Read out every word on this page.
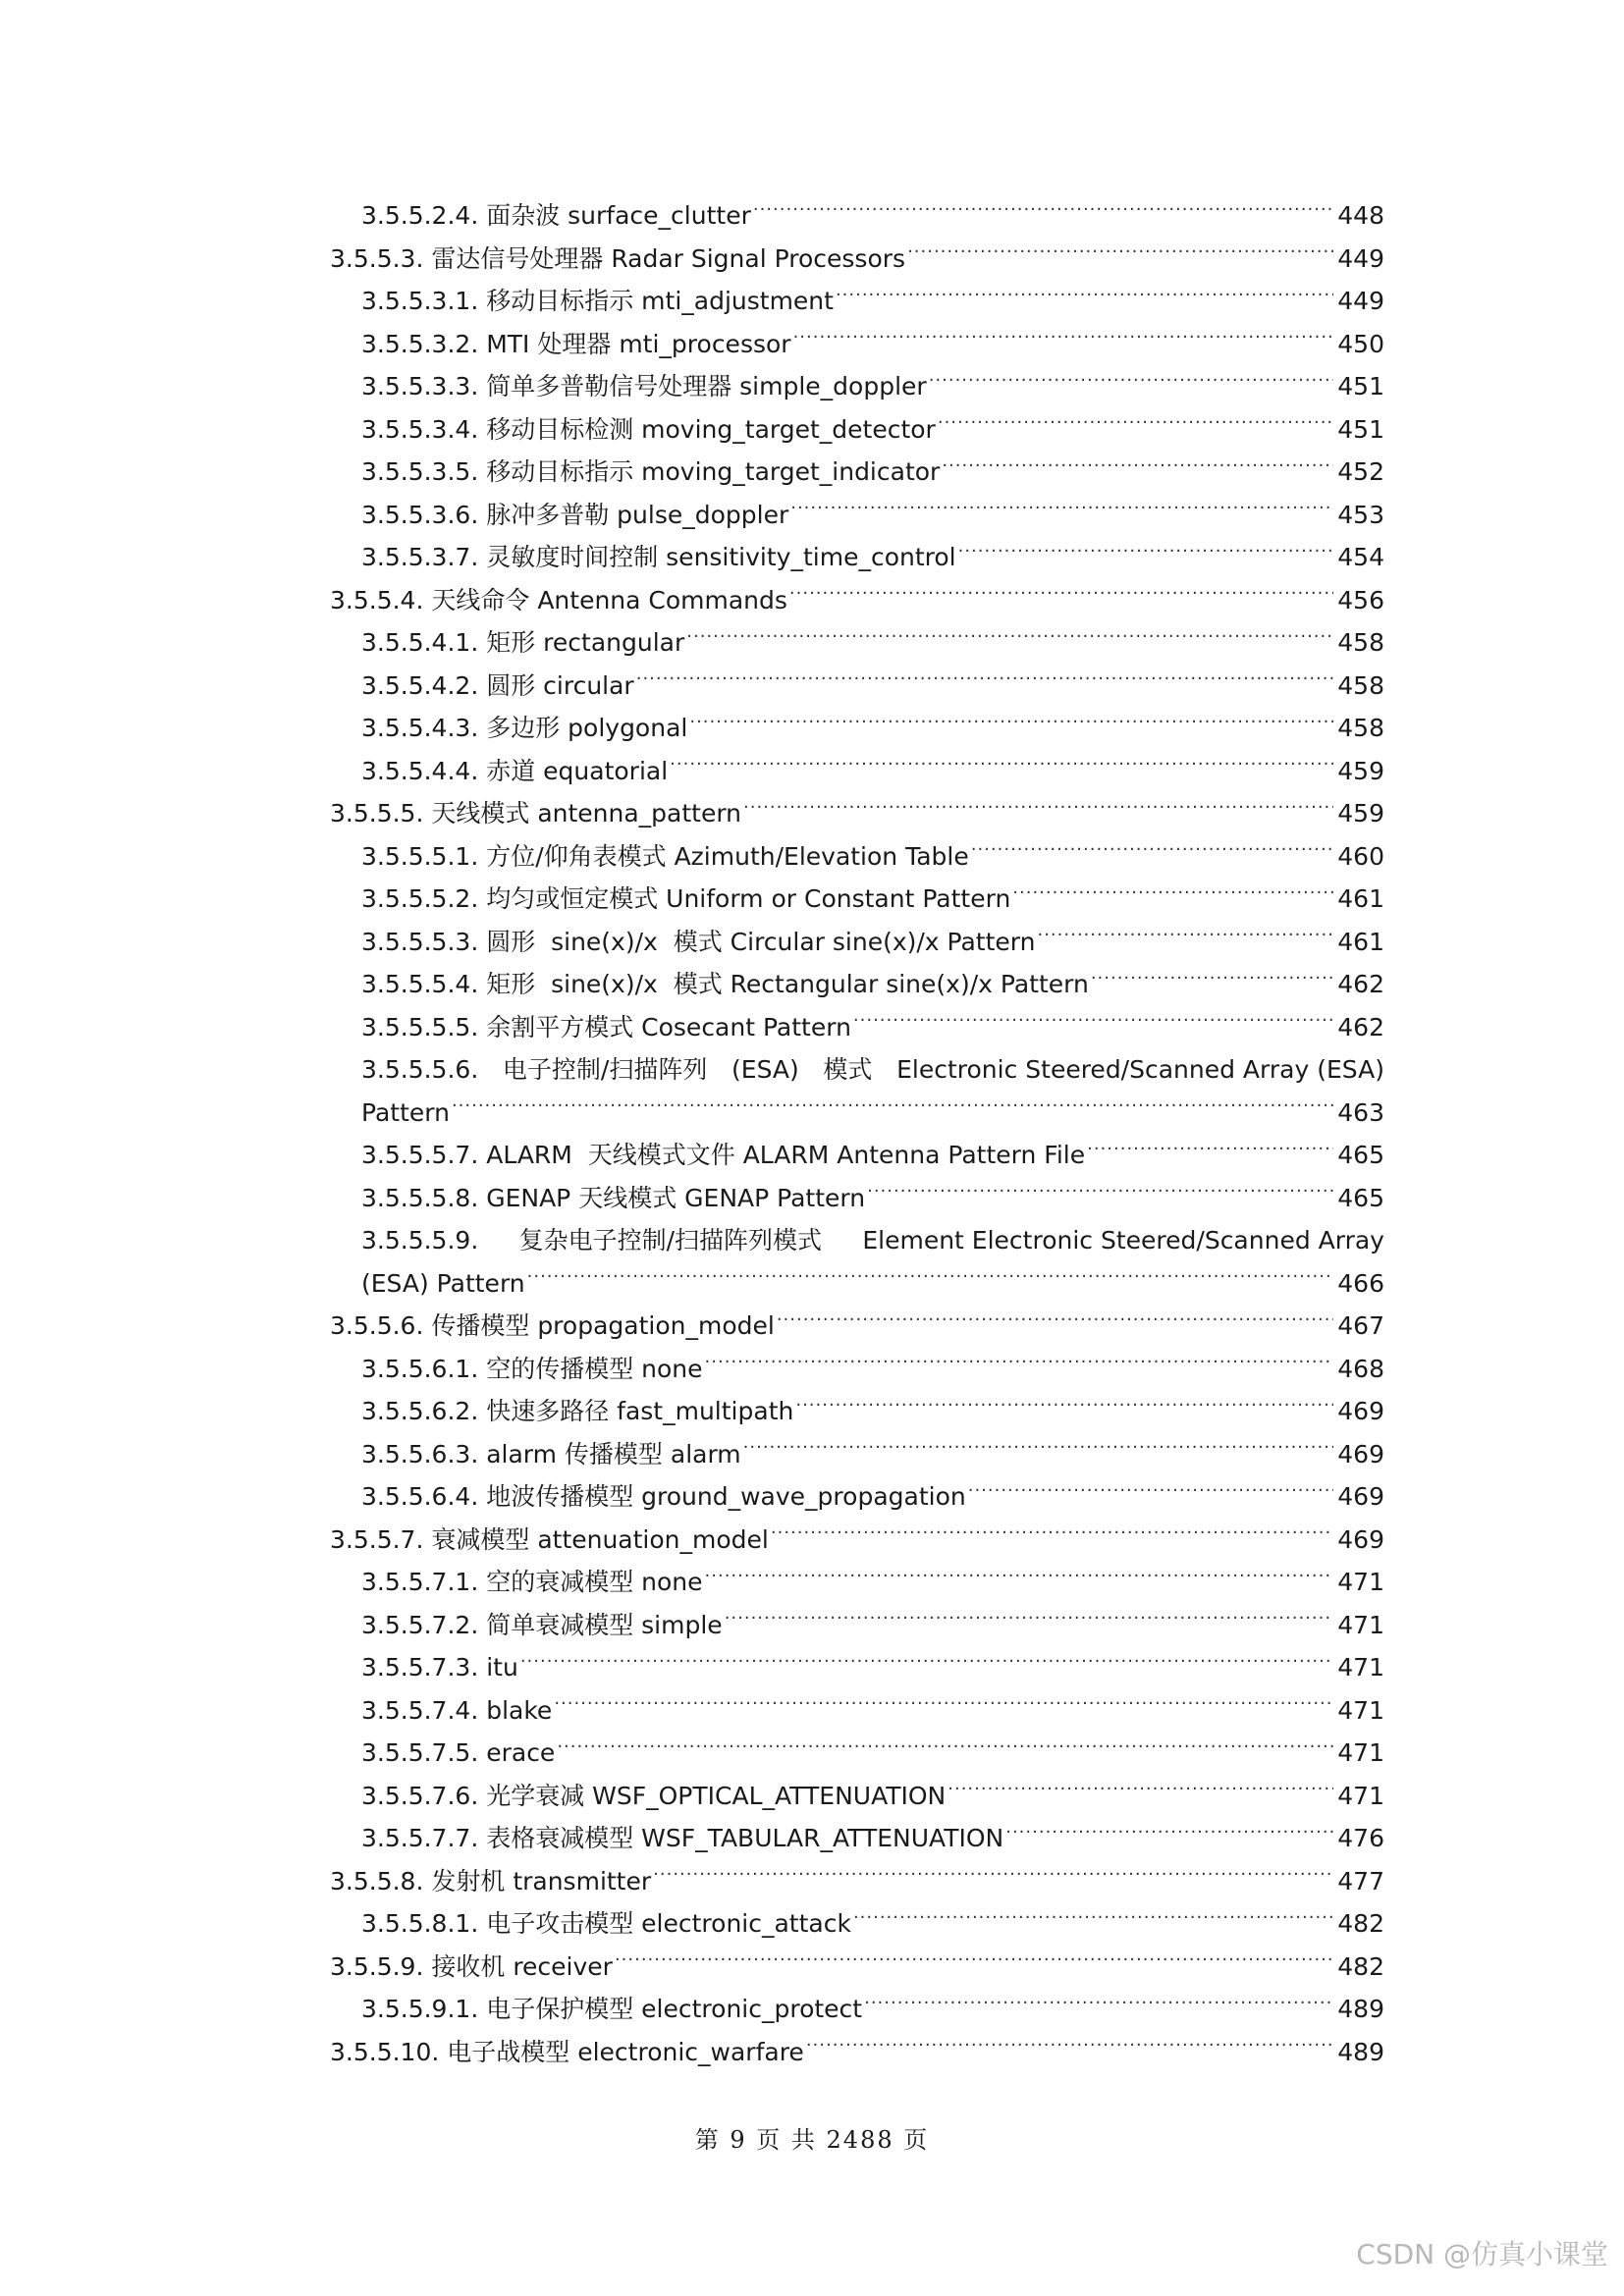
3.5.5.2.4. 面杂波 surface_clutter .....	448
3.5.5.3. 雷达信号处理器 Radar Signal Processors .....	449
3.5.5.3.1. 移动目标指示 mti_adjustment .....	449
3.5.5.3.2. MTI 处理器 mti_processor .....	450
3.5.5.3.3. 简单多普勒信号处理器 simple_doppler .....	451
3.5.5.3.4. 移动目标检测 moving_target_detector .....	451
3.5.5.3.5. 移动目标指示 moving_target_indicator .....	452
3.5.5.3.6. 脉冲多普勒 pulse_doppler .....	453
3.5.5.3.7. 灵敏度时间控制 sensitivity_time_control .....	454
3.5.5.4. 天线命令 Antenna Commands .....	456
3.5.5.4.1. 矩形 rectangular .....	458
3.5.5.4.2. 圆形 circular .....	458
3.5.5.4.3. 多边形 polygonal .....	458
3.5.5.4.4. 赤道 equatorial .....	459
3.5.5.5. 天线模式 antenna_pattern .....	459
3.5.5.5.1. 方位/仰角表模式 Azimuth/Elevation Table .....	460
3.5.5.5.2. 均匀或恒定模式 Uniform or Constant Pattern .....	461
3.5.5.5.3. 圆形  sine(x)/x  模式 Circular sine(x)/x Pattern .....	461
3.5.5.5.4. 矩形  sine(x)/x  模式 Rectangular sine(x)/x Pattern .....	462
3.5.5.5.5. 余割平方模式 Cosecant Pattern .....	462
3.5.5.5.6. 电子控制/扫描阵列 (ESA) 模式 Electronic Steered/Scanned Array (ESA)
Pattern .....	463
3.5.5.5.7. ALARM  天线模式文件 ALARM Antenna Pattern File .....	465
3.5.5.5.8. GENAP 天线模式 GENAP Pattern .....	465
3.5.5.5.9. 复杂电子控制/扫描阵列模式 Element Electronic Steered/Scanned Array
(ESA) Pattern .....	466
3.5.5.6. 传播模型 propagation_model .....	467
3.5.5.6.1. 空的传播模型 none .....	468
3.5.5.6.2. 快速多路径 fast_multipath .....	469
3.5.5.6.3. alarm 传播模型 alarm .....	469
3.5.5.6.4. 地波传播模型 ground_wave_propagation .....	469
3.5.5.7. 衰减模型 attenuation_model .....	469
3.5.5.7.1. 空的衰减模型 none .....	471
3.5.5.7.2. 简单衰减模型 simple .....	471
3.5.5.7.3. itu .....	471
3.5.5.7.4. blake .....	471
3.5.5.7.5. erace .....	471
3.5.5.7.6. 光学衰减 WSF_OPTICAL_ATTENUATION .....	471
3.5.5.7.7. 表格衰减模型 WSF_TABULAR_ATTENUATION .....	476
3.5.5.8. 发射机 transmitter .....	477
3.5.5.8.1. 电子攻击模型 electronic_attack .....	482
3.5.5.9. 接收机 receiver .....	482
3.5.5.9.1. 电子保护模型 electronic_protect .....	489
3.5.5.10. 电子战模型 electronic_warfare .....	489
第 9 页 共 2488 页
CSDN @仿真小课堂
